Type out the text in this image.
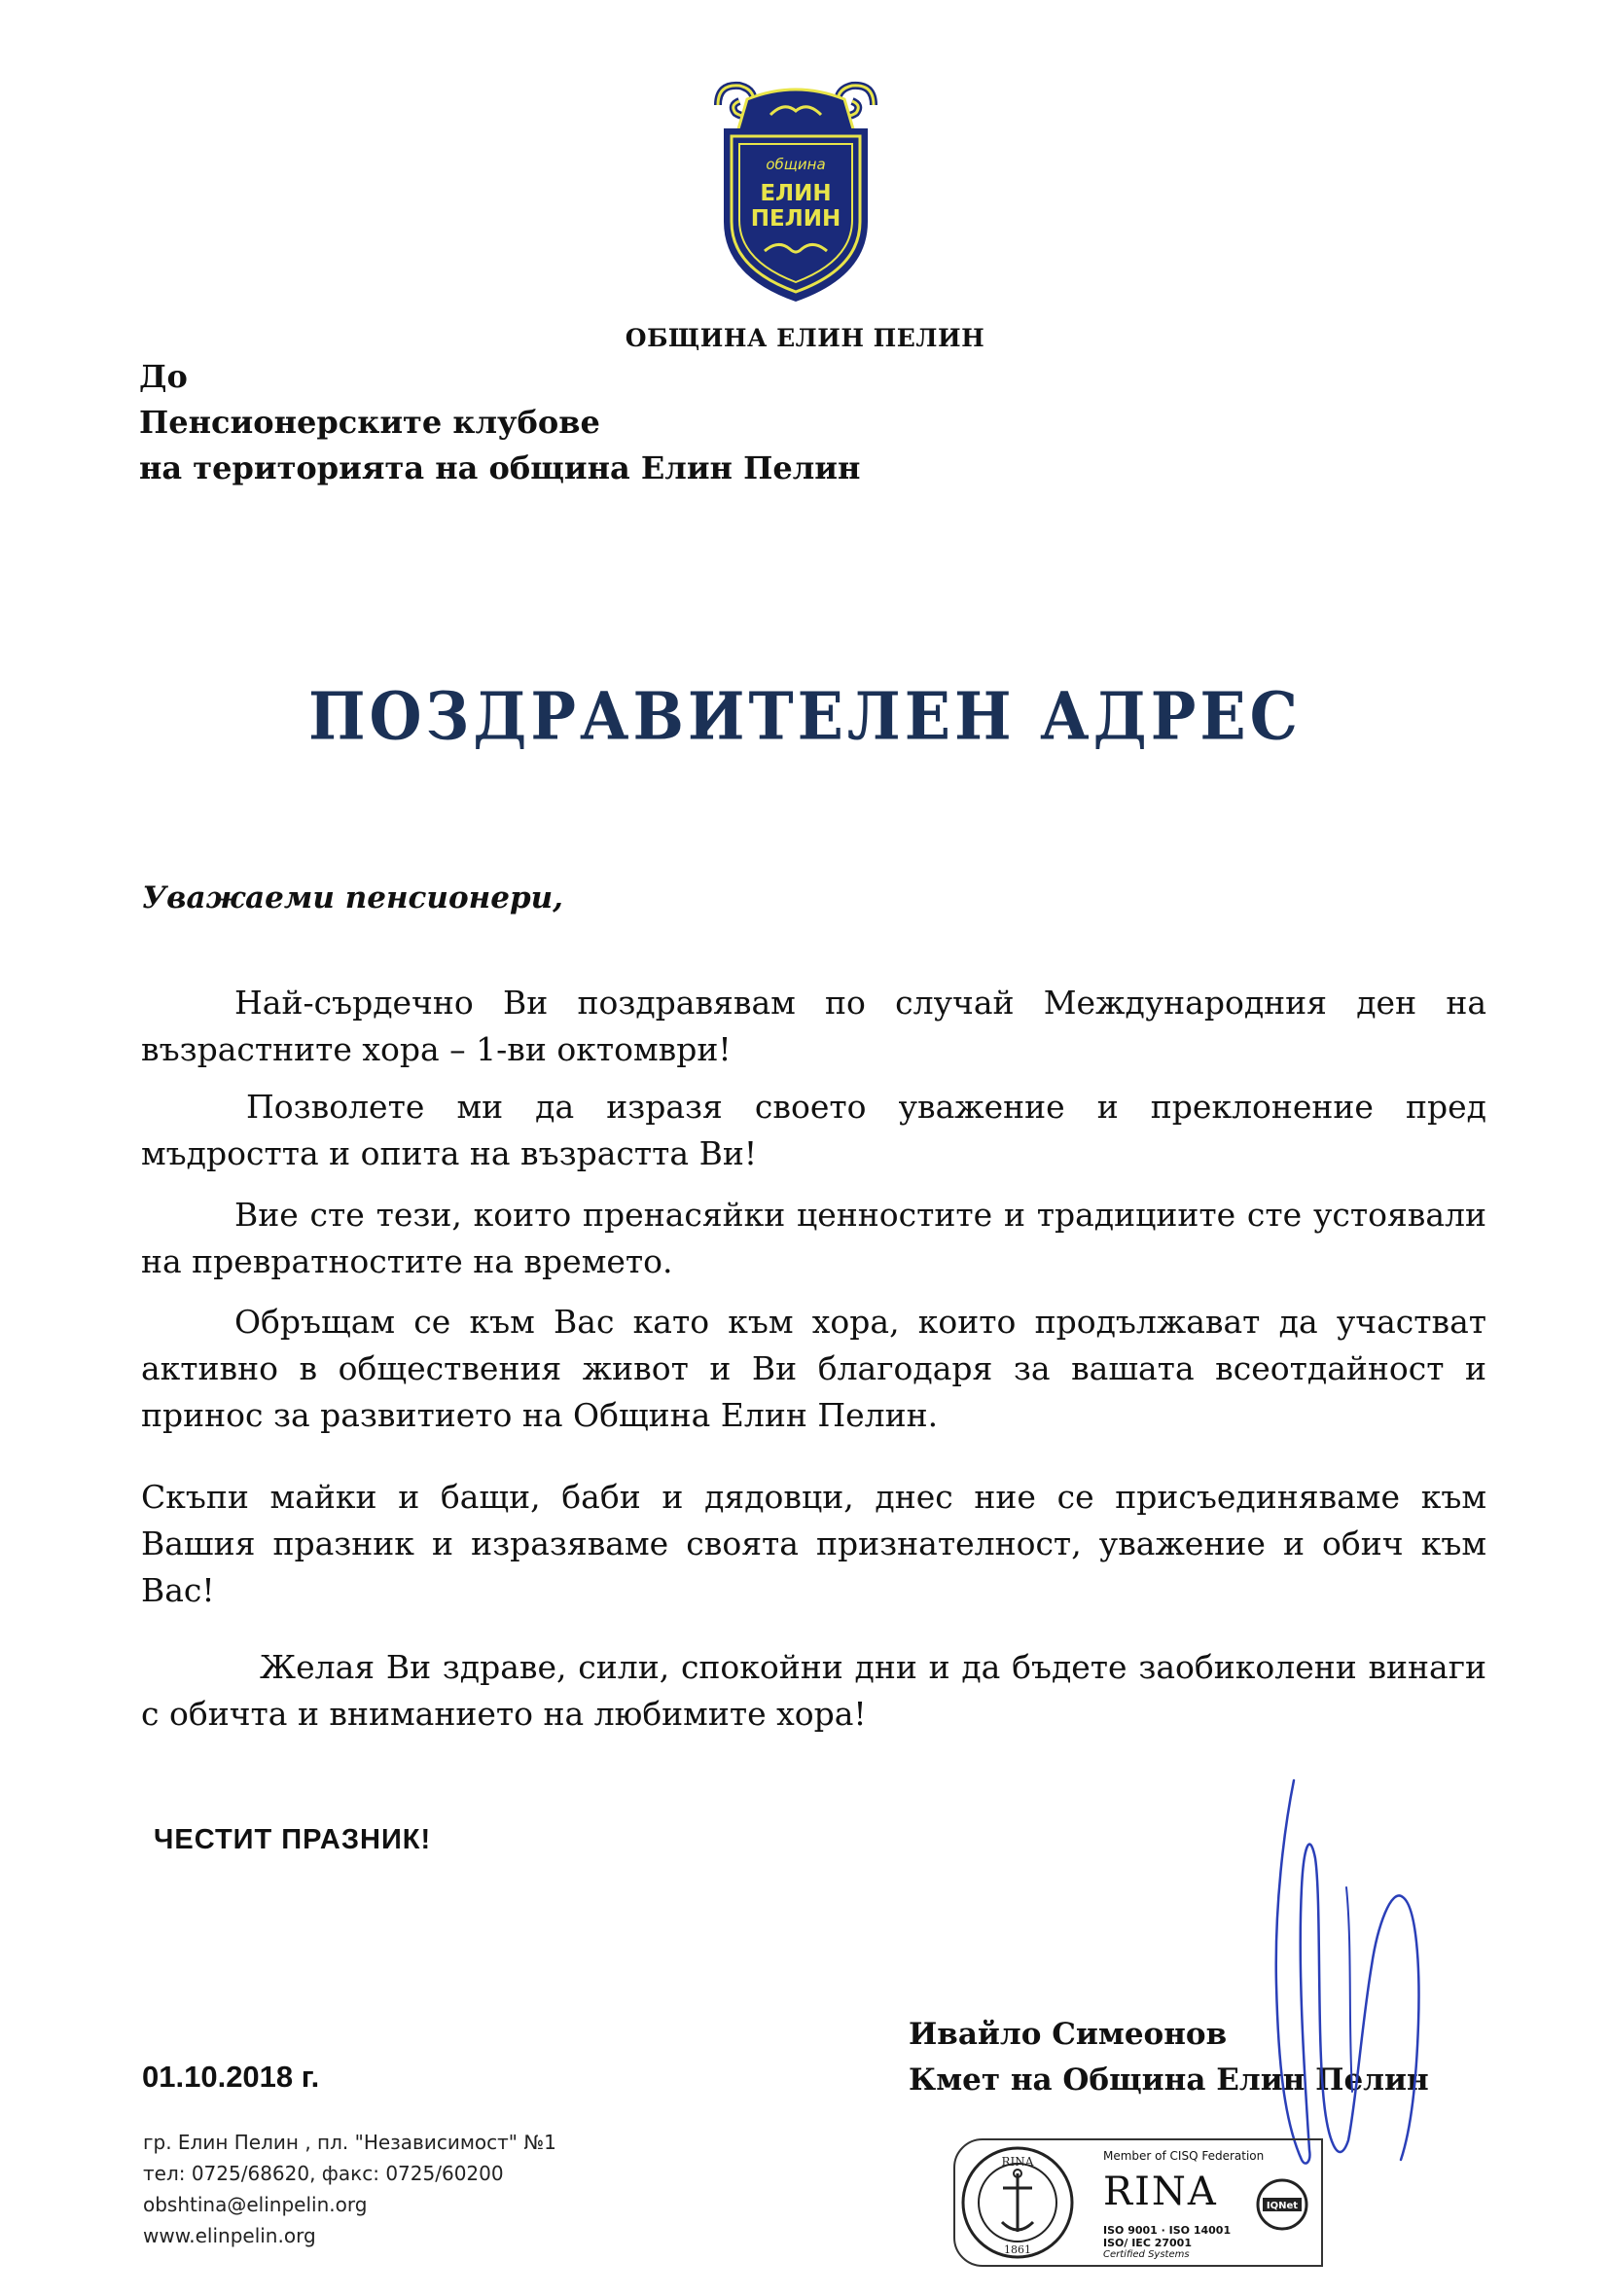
община
ЕЛИН
ПЕЛИН
ОБЩИНА ЕЛИН ПЕЛИН
До
Пенсионерските клубове
на територията на община Елин Пелин
ПОЗДРАВИТЕЛЕН АДРЕС
Уважаеми пенсионери,
Най-сърдечно Ви поздравявам по случай Международния ден на възрастните хора – 1-ви октомври!
Позволете ми да изразя своето уважение и преклонение пред мъдростта и опита на възрастта Ви!
Вие сте тези, които пренасяйки ценностите и традициите сте устоявали на превратностите на времето.
Обръщам се към Вас като към хора, които продължават да участват активно в обществения живот и Ви благодаря за вашата всеотдайност и принос за развитието на Община Елин Пелин.
Скъпи майки и бащи, баби и дядовци, днес ние се присъединяваме към Вашия празник и изразяваме своята признателност, уважение и обич към Вас!
Желая Ви здраве, сили, спокойни дни и да бъдете заобиколени винаги с обичта и вниманието на любимите хора!
ЧЕСТИТ ПРАЗНИК!
01.10.2018 г.
Ивайло Симеонов
Кмет на Община Елин Пелин
гр. Елин Пелин , пл. "Независимост" №1
тел: 0725/68620, факс: 0725/60200
obshtina@elinpelin.org
www.elinpelin.org
RINA
1861
Member of CISQ Federation
RINA	IQNet
ISO 9001 · ISO 14001
ISO/ IEC 27001
Certified Systems
